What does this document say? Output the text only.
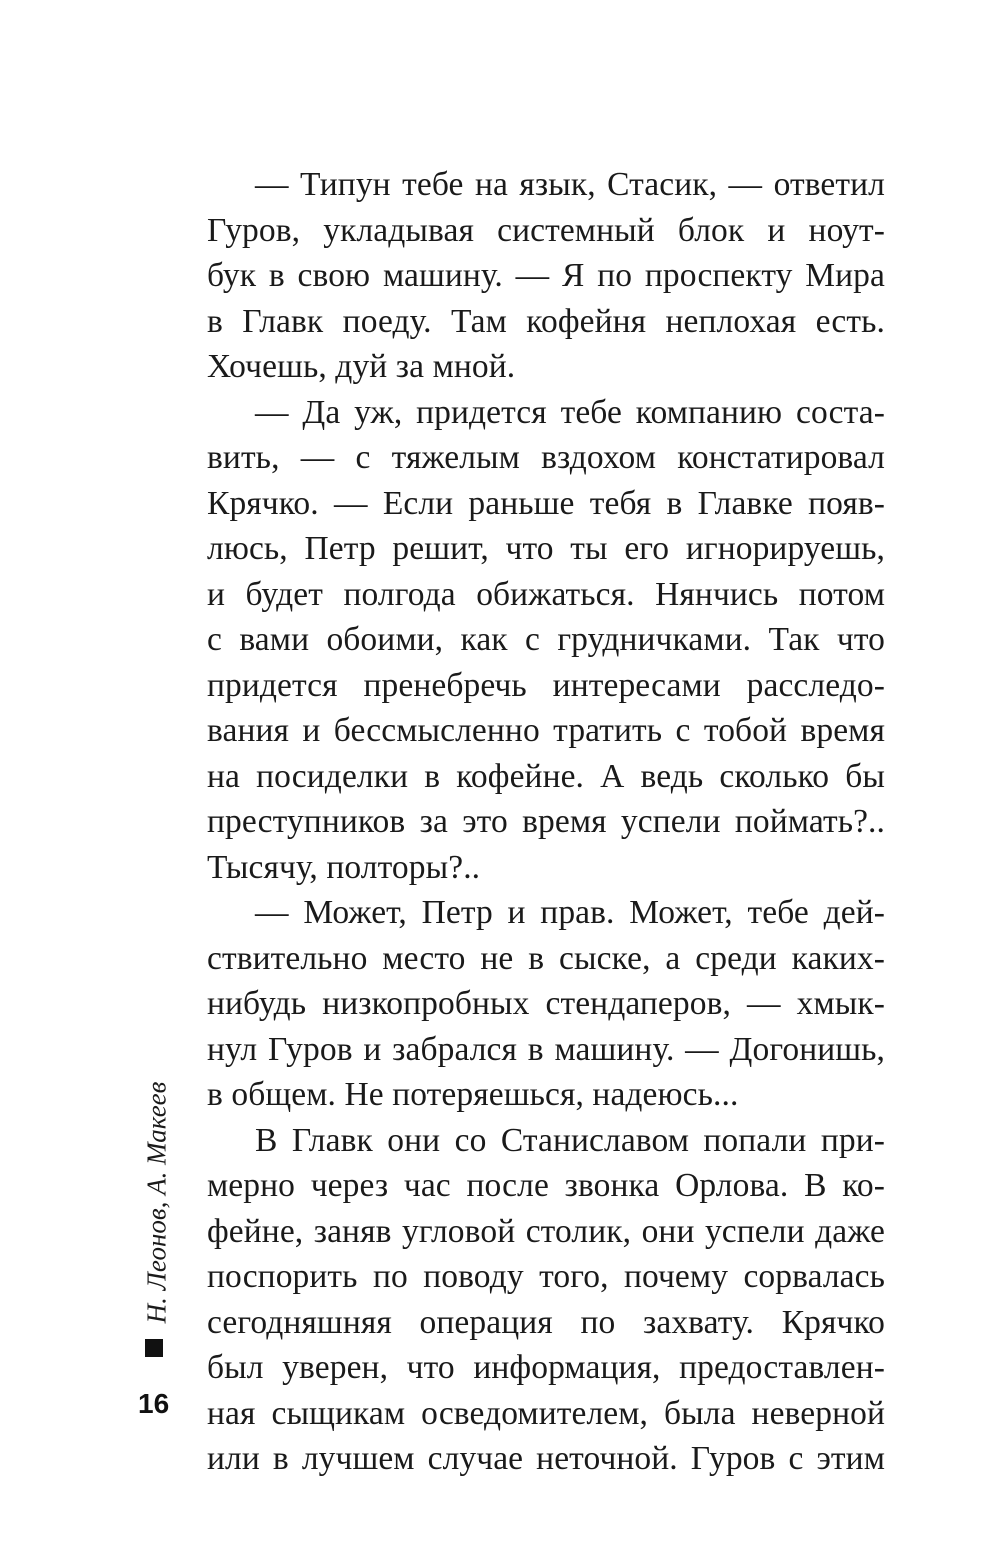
— Типун тебе на язык, Стасик, — ответил
Гуров, укладывая системный блок и ноут-
бук в свою машину. — Я по проспекту Мира
в Главк поеду. Там кофейня неплохая есть.
Хочешь, дуй за мной.
— Да уж, придется тебе компанию соста-
вить, — с тяжелым вздохом констатировал
Крячко. — Если раньше тебя в Главке появ-
люсь, Петр решит, что ты его игнорируешь,
и будет полгода обижаться. Нянчись потом
с вами обоими, как с грудничками. Так что
придется пренебречь интересами расследо-
вания и бессмысленно тратить с тобой время
на посиделки в кофейне. А ведь сколько бы
преступников за это время успели поймать?..
Тысячу, полторы?..
— Может, Петр и прав. Может, тебе дей-
ствительно место не в сыске, а среди каких-
нибудь низкопробных стендаперов, — хмык-
нул Гуров и забрался в машину. — Догонишь,
в общем. Не потеряешься, надеюсь...
В Главк они со Станиславом попали при-
мерно через час после звонка Орлова. В ко-
фейне, заняв угловой столик, они успели даже
поспорить по поводу того, почему сорвалась
сегодняшняя операция по захвату. Крячко
был уверен, что информация, предоставлен-
ная сыщикам осведомителем, была неверной
или в лучшем случае неточной. Гуров с этим
Н. Леонов, А. Макеев
16
